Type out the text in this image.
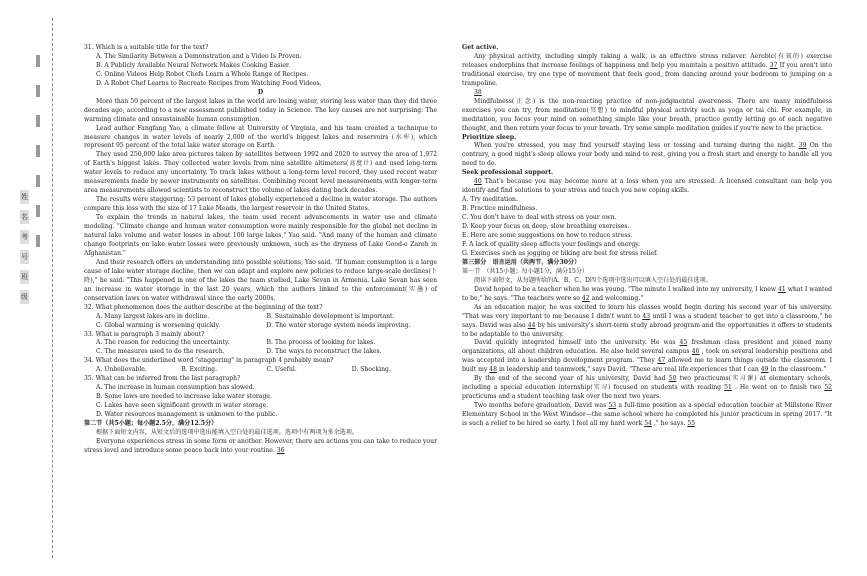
姓
名
考
号
班
级

31. Which is a suitable title for the text?

A. The Similarity Between a Demonstration and a Video Is Proven.

B. A Publicly Available Neural Network Makes Cooking Easier.

C. Online Videos Help Robot Chefs Learn a Whole Range of Recipes.

D. A Robot Chef Learns to Recreate Recipes from Watching Food Videos.

D

More than 50 percent of the largest lakes in the world are losing water, storing less water than they did three decades ago, according to a new assessment published today in Science. The key causes are not surprising: The warming climate and unsustainable human consumption.

Lead author Fangfang Yao, a climate fellow at University of Virginia, and his team created a technique to measure changes in water levels of nearly 2,000 of the world's biggest lakes and reservoirs (水库), which represent 95 percent of the total lake water storage on Earth.

They used 250,000 lake area pictures taken by satellites between 1992 and 2020 to survey the area of 1,972 of Earth's biggest lakes. They collected water levels from nine satellite altimeters(高度计) and used long-term water levels to reduce any uncertainty. To track lakes without a long-term level record, they used recent water measurements made by newer instruments on satellites. Combining recent level measurements with longer-term area measurements allowed scientists to reconstruct the volume of lakes dating back decades.

The results were staggering: 53 percent of lakes globally experienced a decline in water storage. The authors compare this loss with the size of 17 Lake Meads, the largest reservoir in the United States.

To explain the trends in natural lakes, the team used recent advancements in water use and climate modeling. "Climate change and human water consumption were mainly responsible for the global net decline in natural lake volume and water losses in about 100 large lakes," Yao said. "And many of the human and climate change footprints on lake water losses were previously unknown, such as the dryness of Lake Good-e Zareh in Afghanistan."

And their research offers an understanding into possible solutions, Yao said. "If human consumption is a large cause of lake water storage decline, then we can adapt and explore new policies to reduce large-scale declines(下降)," he said. "This happened in one of the lakes the team studied, Lake Sevan in Armenia. Lake Sevan has seen an increase in water storage in the last 20 years, which the authors linked to the enforcement(实施) of conservation laws on water withdrawal since the early 2000s.

32. What phenomenon does the author describe at the beginning of the text?

A. Many largest lakes are in decline.	B. Sustainable development is important.
C. Global warming is worsening quickly.	D. The water storage system needs improving.

33. What is paragraph 3 mainly about?

A. The reason for reducing the uncertainty.	B. The process of looking for lakes.
C. The measures used to do the research.	D. The ways to reconstruct the lakes.

34. What does the underlined word "staggering" in paragraph 4 probably mean?

A. Unbelievable.	B. Exciting.	C. Useful.	D. Shocking.

35. What can be inferred from the last paragraph?

A. The increase in human consumption has slowed.

B. Some laws are needed to increase lake water storage.

C. Lakes have seen significant growth in water storage.

D. Water resources management is unknown to the public.

第二节（共5小题；每小题2.5分，满分12.5分）

根据下面短文内容，从短文后的选项中选出能填入空白处的最佳选项。选项中有两项为多余选项。

Everyone experiences stress in some form or another. However, there are actions you can take to reduce your stress level and introduce some peace back into your routine. 36

Get active.

Any physical activity, including simply taking a walk, is an effective stress reliever. Aerobic(有氧的) exercise releases endorphins that increase feelings of happiness and help you maintain a positive attitude. 37 If you aren't into traditional exercise, try one type of movement that feels good, from dancing around your bedroom to jumping on a trampoline.

38

Mindfulness(正念) is the non-reacting practice of non-judgmental awareness. There are many mindfulness exercises you can try, from meditation(冥想) to mindful physical activity such as yoga or tai chi. For example, in meditation, you focus your mind on something simple like your breath, practice gently letting go of each negative thought, and then return your focus to your breath. Try some simple meditation guides if you're new to the practice.

Prioritize sleep.

When you're stressed, you may find yourself staying less or tossing and turning during the night. 39 On the contrary, a good night's sleep allows your body and mind to rest, giving you a fresh start and energy to handle all you need to do.

Seek professional support.

40 That's because you may become more at a loss when you are stressed. A licensed consultant can help you identify and find solutions to your stress and teach you new coping skills.

A. Try meditation.

B. Practice mindfulness.

C. You don't have to deal with stress on your own.

D. Keep your focus on deep, slow breathing exercises.

E. Here are some suggestions on how to reduce stress.

F. A lack of quality sleep affects your feelings and energy.

G. Exercises such as jogging or biking are best for stress relief.

第三部分　语言运用（共两节，满分30分）

第一节　（共15小题；每小题1分，满分15分）

阅读下面短文，从每题所给的A、B、C、D四个选项中选出可以填入空白处的最佳选项。

David hoped to be a teacher when he was young. "The minute I walked into my university, I knew 41 what I wanted to be," he says. "The teachers were so 42 and welcoming."

As an education major, he was excited to learn his classes would begin during his second year of his university. "That was very important to me because I didn't want to 43 until I was a student teacher to get into a classroom," he says. David was also 44 by his university's short-term study abroad program and the opportunities it offers to students to be adaptable to the university.

David quickly integrated himself into the university. He was 45 freshman class president and joined many organizations, all about children education. He also held several campus 46 , took on several leadership positions and was accepted into a leadership development program. "They 47 allowed me to learn things outside the classroom. I built my 48 in leadership and teamwork," says David. "These are real life experiences that I can 49 in the classroom."

By the end of the second year of his university, David had 50 two practicums(实习课) at elementary schools, including a special education internship(实习) focused on students with reading 51 . He went on to finish two 52 practicums and a student teaching task over the next two years.

Two months before graduation, David was 53 a full-time position as a special education teacher at Millstone River Elementary School in the West Windsor—the same school where he completed his junior practicum in spring 2017. "It is such a relief to be hired so early. I feel all my hard work 54 ," he says. 55
